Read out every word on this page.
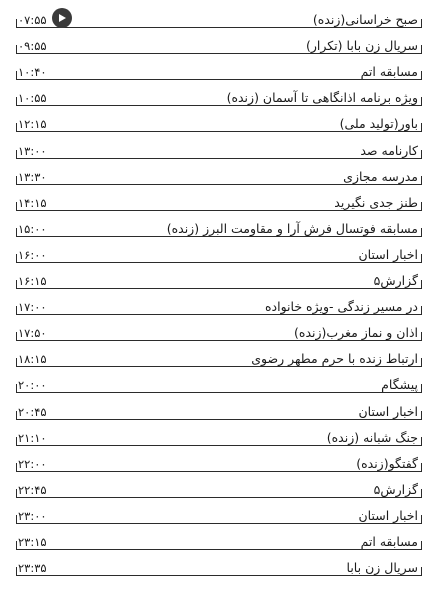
۰۷:۵۵	صبح خراسانی(زنده)
۰۹:۵۵	سریال زن بابا (تکرار)
۱۰:۴۰	مسابقه اتم
۱۰:۵۵	ویژه برنامه اذانگاهی تا آسمان (زنده)
۱۲:۱۵	باور(تولید ملی)
۱۳:۰۰	کارنامه صد
۱۳:۳۰	مدرسه مجازی
۱۴:۱۵	طنز جدی نگیرید
۱۵:۰۰	مسابقه فوتسال فرش آرا و مقاومت البرز (زنده)
۱۶:۰۰	اخبار استان
۱۶:۱۵	گزارش۵
۱۷:۰۰	در مسیر زندگی -ویژه خانواده
۱۷:۵۰	اذان و نماز مغرب(زنده)
۱۸:۱۵	ارتباط زنده با حرم مطهر رضوی
۲۰:۰۰	پیشگام
۲۰:۴۵	اخبار استان
۲۱:۱۰	جنگ شبانه (زنده)
۲۲:۰۰	گفتگو(زنده)
۲۲:۴۵	گزارش۵
۲۳:۰۰	اخبار استان
۲۳:۱۵	مسابقه اتم
۲۳:۳۵	سریال زن بابا
